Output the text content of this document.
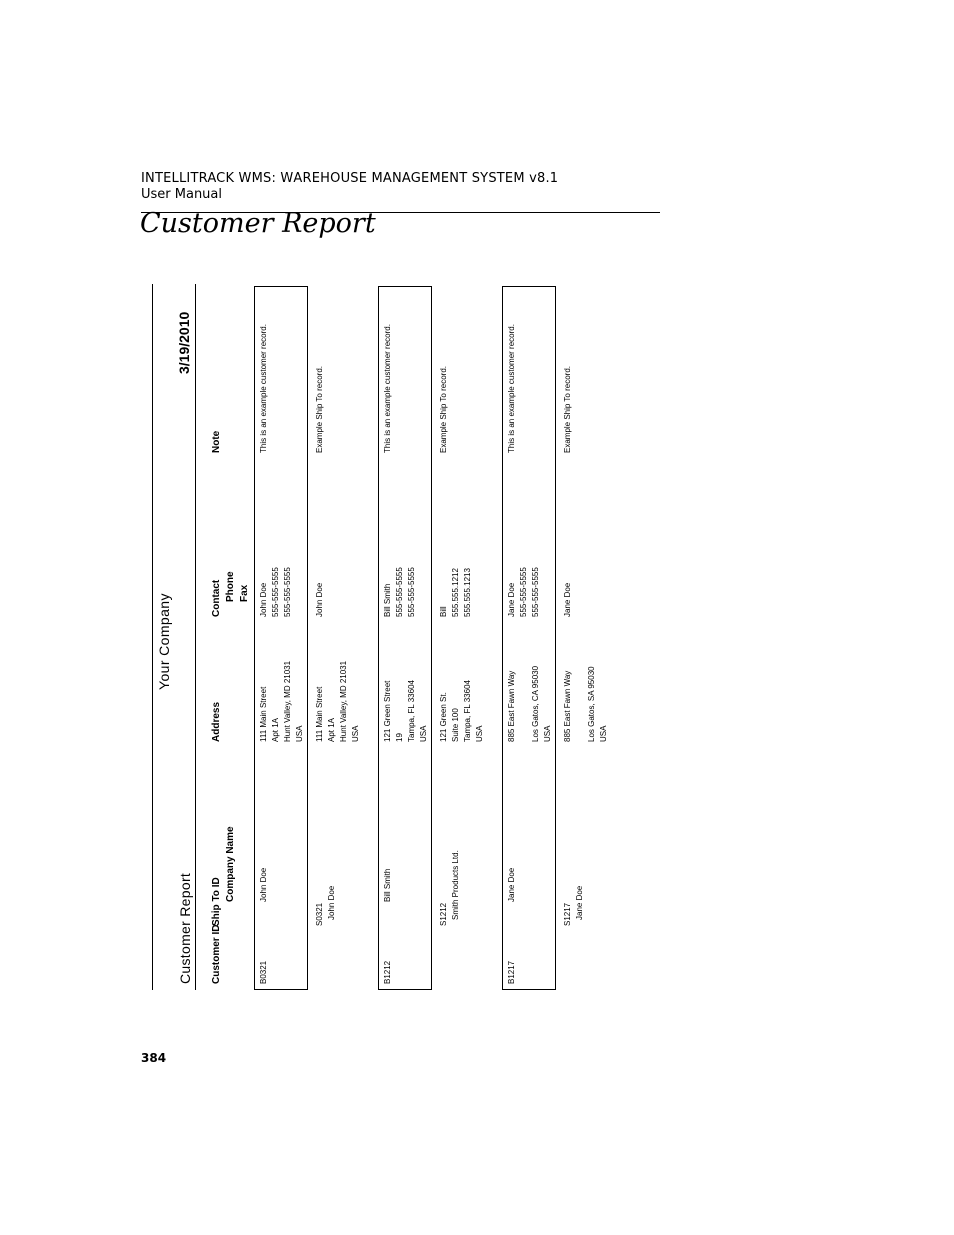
INTELLITRACK WMS: WAREHOUSE MANAGEMENT SYSTEM v8.1
User Manual
Customer Report
Customer Report
Your Company
3/19/2010
Customer ID
Ship To ID Company Name
Address
Contact Phone Fax
Note
B0321
John Doe
111 Main Street Apt 1A Hunt Valley, MD 21031 USA
John Doe 555-555-5555 555-555-5555
This is an example customer record.
S0321 John Doe
111 Main Street Apt 1A Hunt Valley, MD 21031 USA
John Doe
Example Ship To record.
B1212
Bill Smith
121 Green Street 19 Tampa, FL 33604 USA
Bill Smith 555-555-5555 555-555-5555
This is an example customer record.
S1212 Smith Products Ltd.
121 Green St. Suite 100 Tampa, FL 33604 USA
Bill 555.555.1212 555.555.1213
Example Ship To record.
B1217
Jane Doe
885 East Fawn Way Los Gatos, CA 95030 USA
Jane Doe 555-555-5555 555-555-5555
This is an example customer record.
S1217 Jane Doe
885 East Fawn Way Los Gatos, SA 95030 USA
Jane Doe
Example Ship To record.
384
